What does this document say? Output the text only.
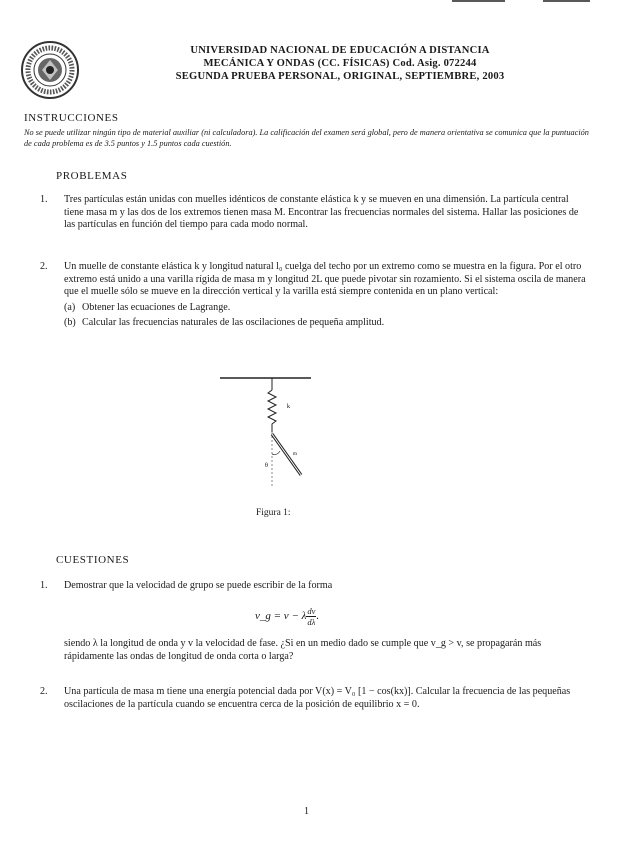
UNIVERSIDAD NACIONAL DE EDUCACIÓN A DISTANCIA
MECÁNICA Y ONDAS (CC. FÍSICAS) Cod. Asig. 072244
SEGUNDA PRUEBA PERSONAL, ORIGINAL, SEPTIEMBRE, 2003
INSTRUCCIONES
No se puede utilizar ningún tipo de material auxiliar (ni calculadora). La calificación del examen será global, pero de manera orientativa se comunica que la puntuación de cada problema es de 3.5 puntos y 1.5 puntos cada cuestión.
PROBLEMAS
1. Tres partículas están unidas con muelles idénticos de constante elástica k y se mueven en una dimensión. La partícula central tiene masa m y las dos de los extremos tienen masa M. Encontrar las frecuencias normales del sistema. Hallar las posiciones de las partículas en función del tiempo para cada modo normal.
2. Un muelle de constante elástica k y longitud natural l₀ cuelga del techo por un extremo como se muestra en la figura. Por el otro extremo está unido a una varilla rígida de masa m y longitud 2L que puede pivotar sin rozamiento. Si el sistema oscila de manera que el muelle sólo se mueve en la dirección vertical y la varilla está siempre contenida en un plano vertical:
(a) Obtener las ecuaciones de Lagrange.
(b) Calcular las frecuencias naturales de las oscilaciones de pequeña amplitud.
k
m
θ
Figura 1:
CUESTIONES
1. Demostrar que la velocidad de grupo se puede escribir de la forma
v_g = v − λ $\frac{dv}{d\lambda}$ .
siendo λ la longitud de onda y v la velocidad de fase. ¿Si en un medio dado se cumple que v_g > v, se propagarán más rápidamente las ondas de longitud de onda corta o larga?
2. Una partícula de masa m tiene una energía potencial dada por V(x) = V₀ [1 − cos(kx)]. Calcular la frecuencia de las pequeñas oscilaciones de la partícula cuando se encuentra cerca de la posición de equilibrio x = 0.
1
